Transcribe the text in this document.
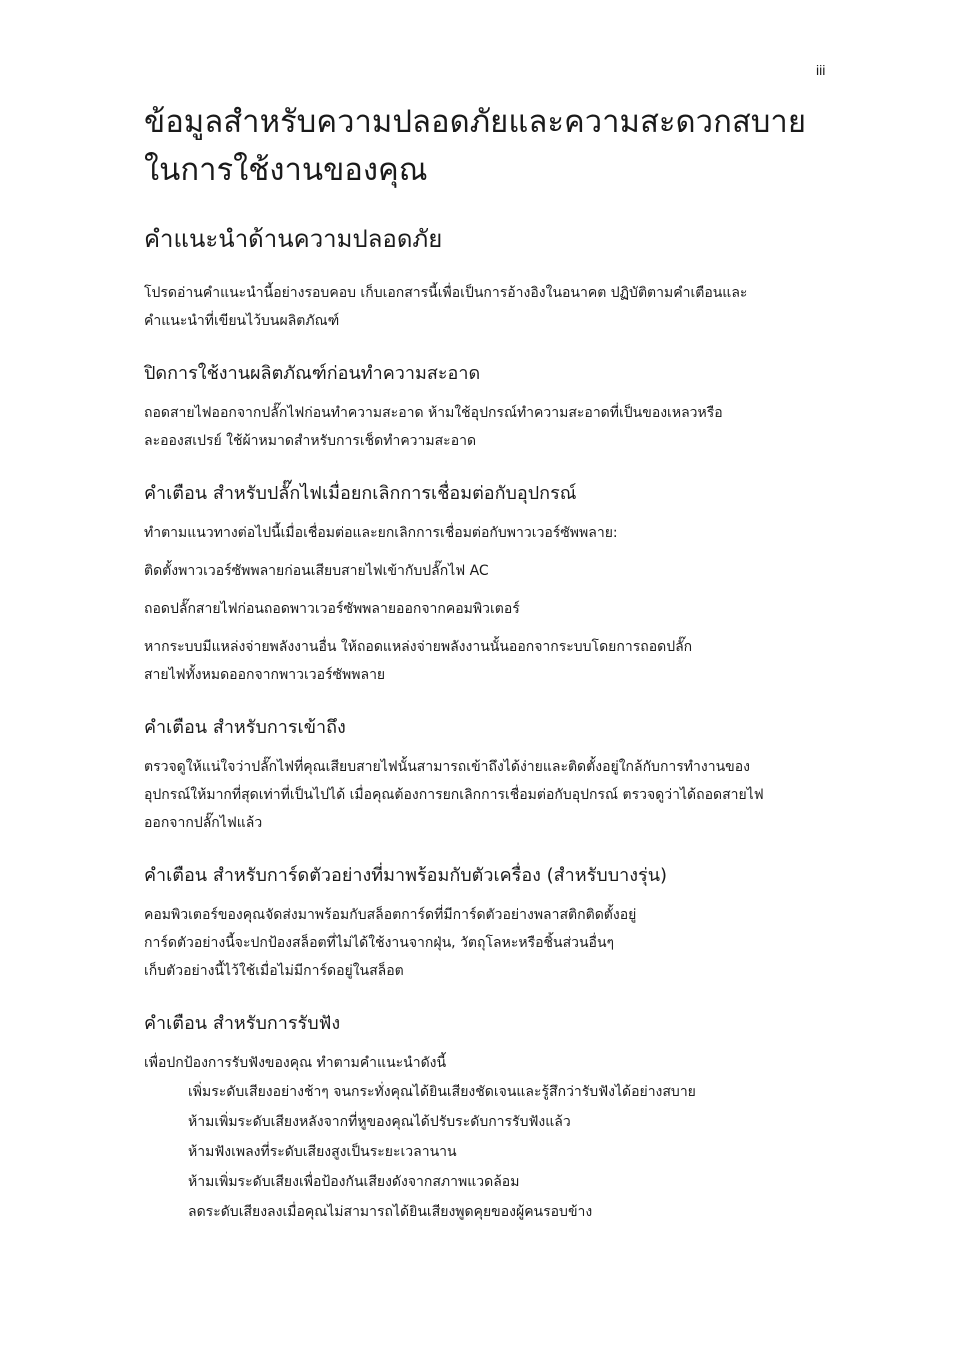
iii
ข้อมูลสำหรับความปลอดภัยและความสะดวกสบาย
ในการใช้งานของคุณ
คำแนะนำด้านความปลอดภัย

โปรดอ่านคำแนะนำนี้อย่างรอบคอบ เก็บเอกสารนี้เพื่อเป็นการอ้างอิงในอนาคต ปฏิบัติตามคำเตือนและ
คำแนะนำที่เขียนไว้บนผลิตภัณฑ์

ปิดการใช้งานผลิตภัณฑ์ก่อนทำความสะอาด

ถอดสายไฟออกจากปลั๊กไฟก่อนทำความสะอาด ห้ามใช้อุปกรณ์ทำความสะอาดที่เป็นของเหลวหรือ
ละอองสเปรย์ ใช้ผ้าหมาดสำหรับการเช็ดทำความสะอาด

คำเตือน สำหรับปลั๊กไฟเมื่อยกเลิกการเชื่อมต่อกับอุปกรณ์

ทำตามแนวทางต่อไปนี้เมื่อเชื่อมต่อและยกเลิกการเชื่อมต่อกับพาวเวอร์ซัพพลาย:

ติดตั้งพาวเวอร์ซัพพลายก่อนเสียบสายไฟเข้ากับปลั๊กไฟ AC

ถอดปลั๊กสายไฟก่อนถอดพาวเวอร์ซัพพลายออกจากคอมพิวเตอร์

หากระบบมีแหล่งจ่ายพลังงานอื่น ให้ถอดแหล่งจ่ายพลังงานนั้นออกจากระบบโดยการถอดปลั๊ก
สายไฟทั้งหมดออกจากพาวเวอร์ซัพพลาย

คำเตือน สำหรับการเข้าถึง

ตรวจดูให้แน่ใจว่าปลั๊กไฟที่คุณเสียบสายไฟนั้นสามารถเข้าถึงได้ง่ายและติดตั้งอยู่ใกล้กับการทำงานของ
อุปกรณ์ให้มากที่สุดเท่าที่เป็นไปได้ เมื่อคุณต้องการยกเลิกการเชื่อมต่อกับอุปกรณ์ ตรวจดูว่าได้ถอดสายไฟ
ออกจากปลั๊กไฟแล้ว

คำเตือน สำหรับการ์ดตัวอย่างที่มาพร้อมกับตัวเครื่อง (สำหรับบางรุ่น)

คอมพิวเตอร์ของคุณจัดส่งมาพร้อมกับสล็อตการ์ดที่มีการ์ดตัวอย่างพลาสติกติดตั้งอยู่
การ์ดตัวอย่างนี้จะปกป้องสล็อตที่ไม่ได้ใช้งานจากฝุ่น, วัตถุโลหะหรือชิ้นส่วนอื่นๆ
เก็บตัวอย่างนี้ไว้ใช้เมื่อไม่มีการ์ดอยู่ในสล็อต

คำเตือน สำหรับการรับฟัง

เพื่อปกป้องการรับฟังของคุณ ทำตามคำแนะนำดังนี้

เพิ่มระดับเสียงอย่างช้าๆ จนกระทั่งคุณได้ยินเสียงชัดเจนและรู้สึกว่ารับฟังได้อย่างสบาย
ห้ามเพิ่มระดับเสียงหลังจากที่หูของคุณได้ปรับระดับการรับฟังแล้ว
ห้ามฟังเพลงที่ระดับเสียงสูงเป็นระยะเวลานาน
ห้ามเพิ่มระดับเสียงเพื่อป้องกันเสียงดังจากสภาพแวดล้อม
ลดระดับเสียงลงเมื่อคุณไม่สามารถได้ยินเสียงพูดคุยของผู้คนรอบข้าง
